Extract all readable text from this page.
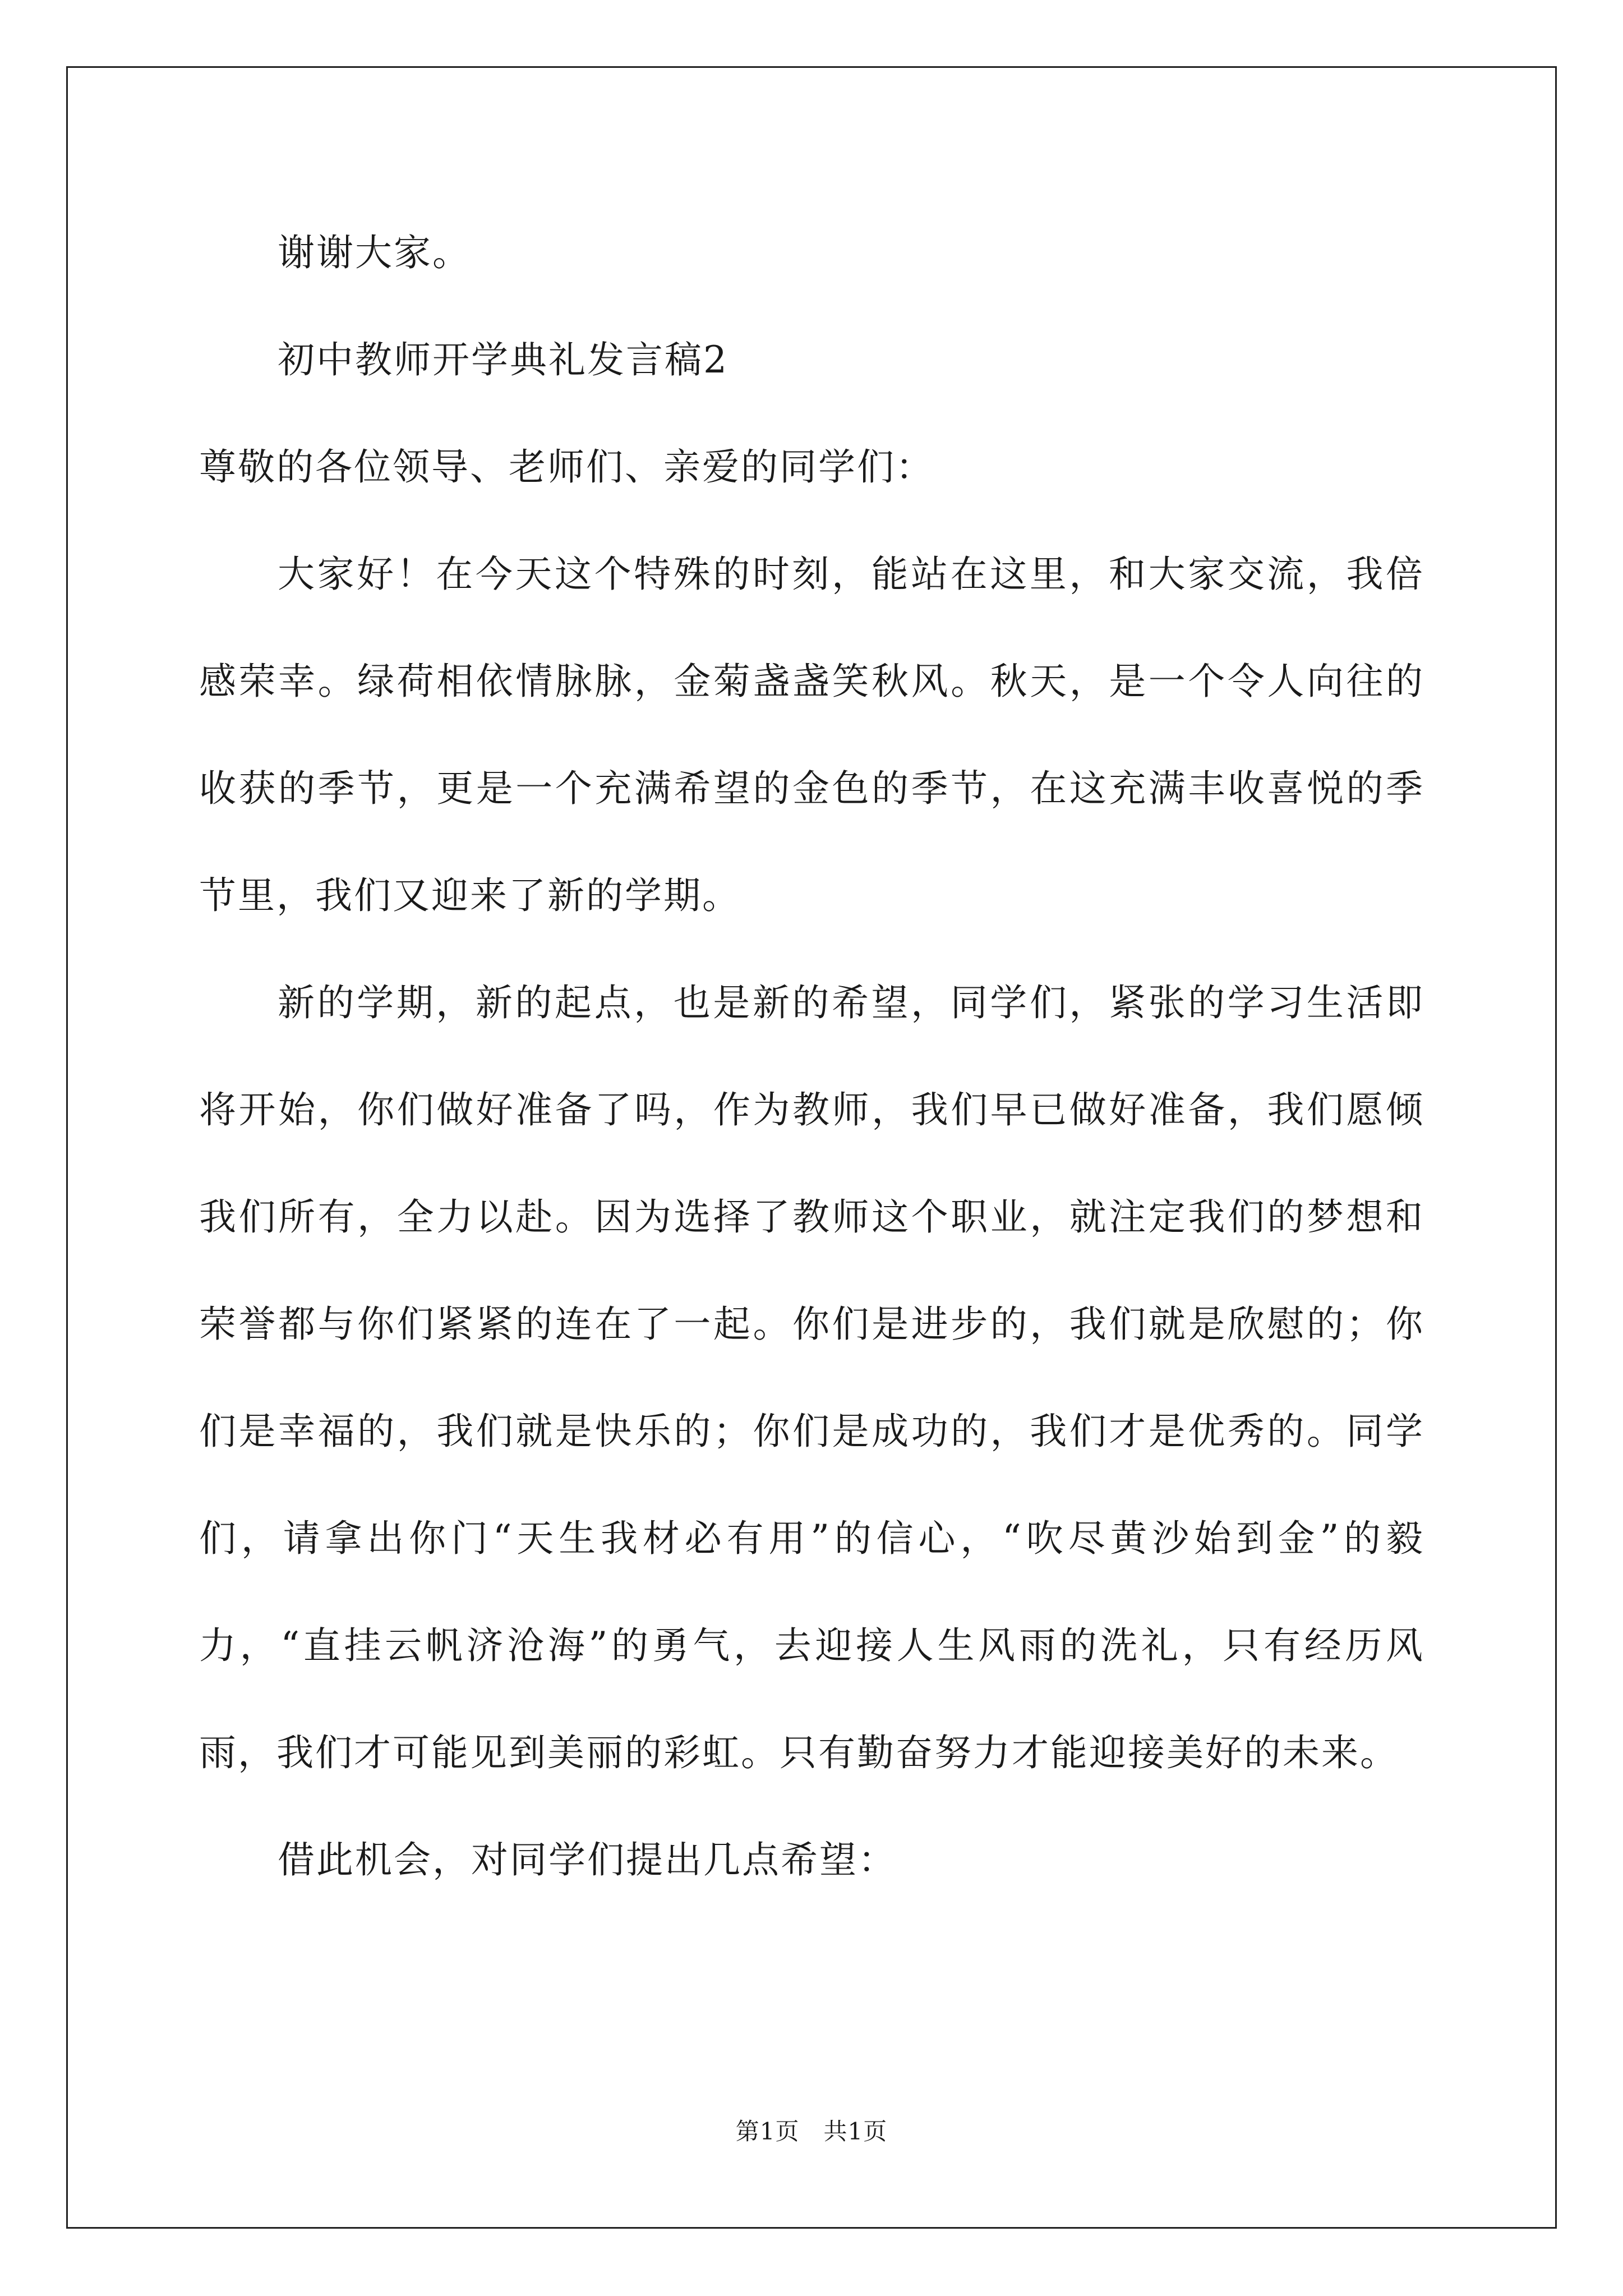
谢谢大家。

初中教师开学典礼发言稿2

尊敬的各位领导、老师们、亲爱的同学们：

大家好！在今天这个特殊的时刻，能站在这里，和大家交流，我倍感荣幸。绿荷相依情脉脉，金菊盏盏笑秋风。秋天，是一个令人向往的收获的季节，更是一个充满希望的金色的季节，在这充满丰收喜悦的季节里，我们又迎来了新的学期。

新的学期，新的起点，也是新的希望，同学们，紧张的学习生活即将开始，你们做好准备了吗，作为教师，我们早已做好准备，我们愿倾我们所有，全力以赴。因为选择了教师这个职业，就注定我们的梦想和荣誉都与你们紧紧的连在了一起。你们是进步的，我们就是欣慰的；你们是幸福的，我们就是快乐的；你们是成功的，我们才是优秀的。同学们，请拿出你门“天生我材必有用”的信心，“吹尽黄沙始到金”的毅力，“直挂云帆济沧海”的勇气，去迎接人生风雨的洗礼，只有经历风雨，我们才可能见到美丽的彩虹。只有勤奋努力才能迎接美好的未来。

借此机会，对同学们提出几点希望：

第1页　共1页
